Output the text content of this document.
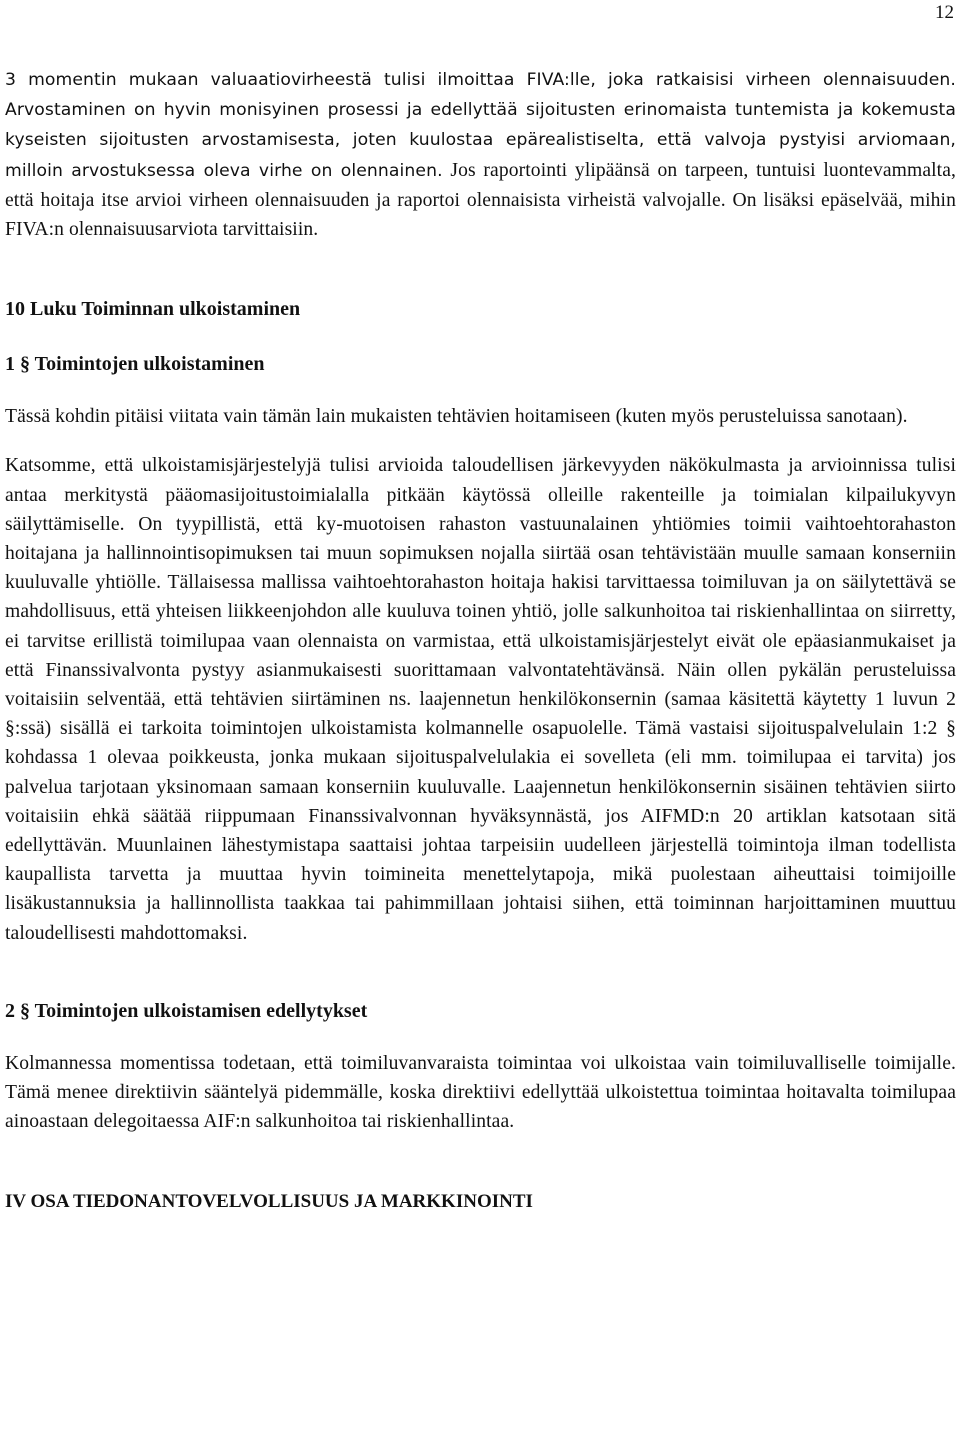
12

3 momentin mukaan valuaatiovirheestä tulisi ilmoittaa FIVA:lle, joka ratkaisisi virheen olennaisuuden. Arvostaminen on hyvin monisyinen prosessi ja edellyttää sijoitusten erinomaista tuntemista ja kokemusta kyseisten sijoitusten arvostamisesta, joten kuulostaa epärealistiselta, että valvoja pystyisi arviomaan, milloin arvostuksessa oleva virhe on olennainen. Jos raportointi ylipäänsä on tarpeen, tuntuisi luontevammalta, että hoitaja itse arvioi virheen olennaisuuden ja raportoi olennaisista virheistä valvojalle. On lisäksi epäselvää, mihin FIVA:n olennaisuusarviota tarvittaisiin.

10 Luku Toiminnan ulkoistaminen
1 § Toimintojen ulkoistaminen

Tässä kohdin pitäisi viitata vain tämän lain mukaisten tehtävien hoitamiseen (kuten myös perusteluissa sanotaan).

Katsomme, että ulkoistamisjärjestelyjä tulisi arvioida taloudellisen järkevyyden näkökulmasta ja arvioinnissa tulisi antaa merkitystä pääomasijoitustoimialalla pitkään käytössä olleille rakenteille ja toimialan kilpailukyvyn säilyttämiselle. On tyypillistä, että ky-muotoisen rahaston vastuunalainen yhtiömies toimii vaihtoehtorahaston hoitajana ja hallinnointisopimuksen tai muun sopimuksen nojalla siirtää osan tehtävistään muulle samaan konserniin kuuluvalle yhtiölle. Tällaisessa mallissa vaihtoehtorahaston hoitaja hakisi tarvittaessa toimiluvan ja on säilytettävä se mahdollisuus, että yhteisen liikkeenjohdon alle kuuluva toinen yhtiö, jolle salkunhoitoa tai riskienhallintaa on siirretty, ei tarvitse erillistä toimilupaa vaan olennaista on varmistaa, että ulkoistamisjärjestelyt eivät ole epäasianmukaiset ja että Finanssivalvonta pystyy asianmukaisesti suorittamaan valvontatehtävänsä. Näin ollen pykälän perusteluissa voitaisiin selventää, että tehtävien siirtäminen ns. laajennetun henkilökonsernin (samaa käsitettä käytetty 1 luvun 2 §:ssä) sisällä ei tarkoita toimintojen ulkoistamista kolmannelle osapuolelle. Tämä vastaisi sijoituspalvelulain 1:2 § kohdassa 1 olevaa poikkeusta, jonka mukaan sijoituspalvelulakia ei sovelleta (eli mm. toimilupaa ei tarvita) jos palvelua tarjotaan yksinomaan samaan konserniin kuuluvalle. Laajennetun henkilökonsernin sisäinen tehtävien siirto voitaisiin ehkä säätää riippumaan Finanssivalvonnan hyväksynnästä, jos AIFMD:n 20 artiklan katsotaan sitä edellyttävän. Muunlainen lähestymistapa saattaisi johtaa tarpeisiin uudelleen järjestellä toimintoja ilman todellista kaupallista tarvetta ja muuttaa hyvin toimineita menettelytapoja, mikä puolestaan aiheuttaisi toimijoille lisäkustannuksia ja hallinnollista taakkaa tai pahimmillaan johtaisi siihen, että toiminnan harjoittaminen muuttuu taloudellisesti mahdottomaksi.

2 § Toimintojen ulkoistamisen edellytykset

Kolmannessa momentissa todetaan, että toimiluvanvaraista toimintaa voi ulkoistaa vain toimiluvalliselle toimijalle. Tämä menee direktiivin sääntelyä pidemmälle, koska direktiivi edellyttää ulkoistettua toimintaa hoitavalta toimilupaa ainoastaan delegoitaessa AIF:n salkunhoitoa tai riskienhallintaa.

IV OSA TIEDONANTOVELVOLLISUUS JA MARKKINOINTI
